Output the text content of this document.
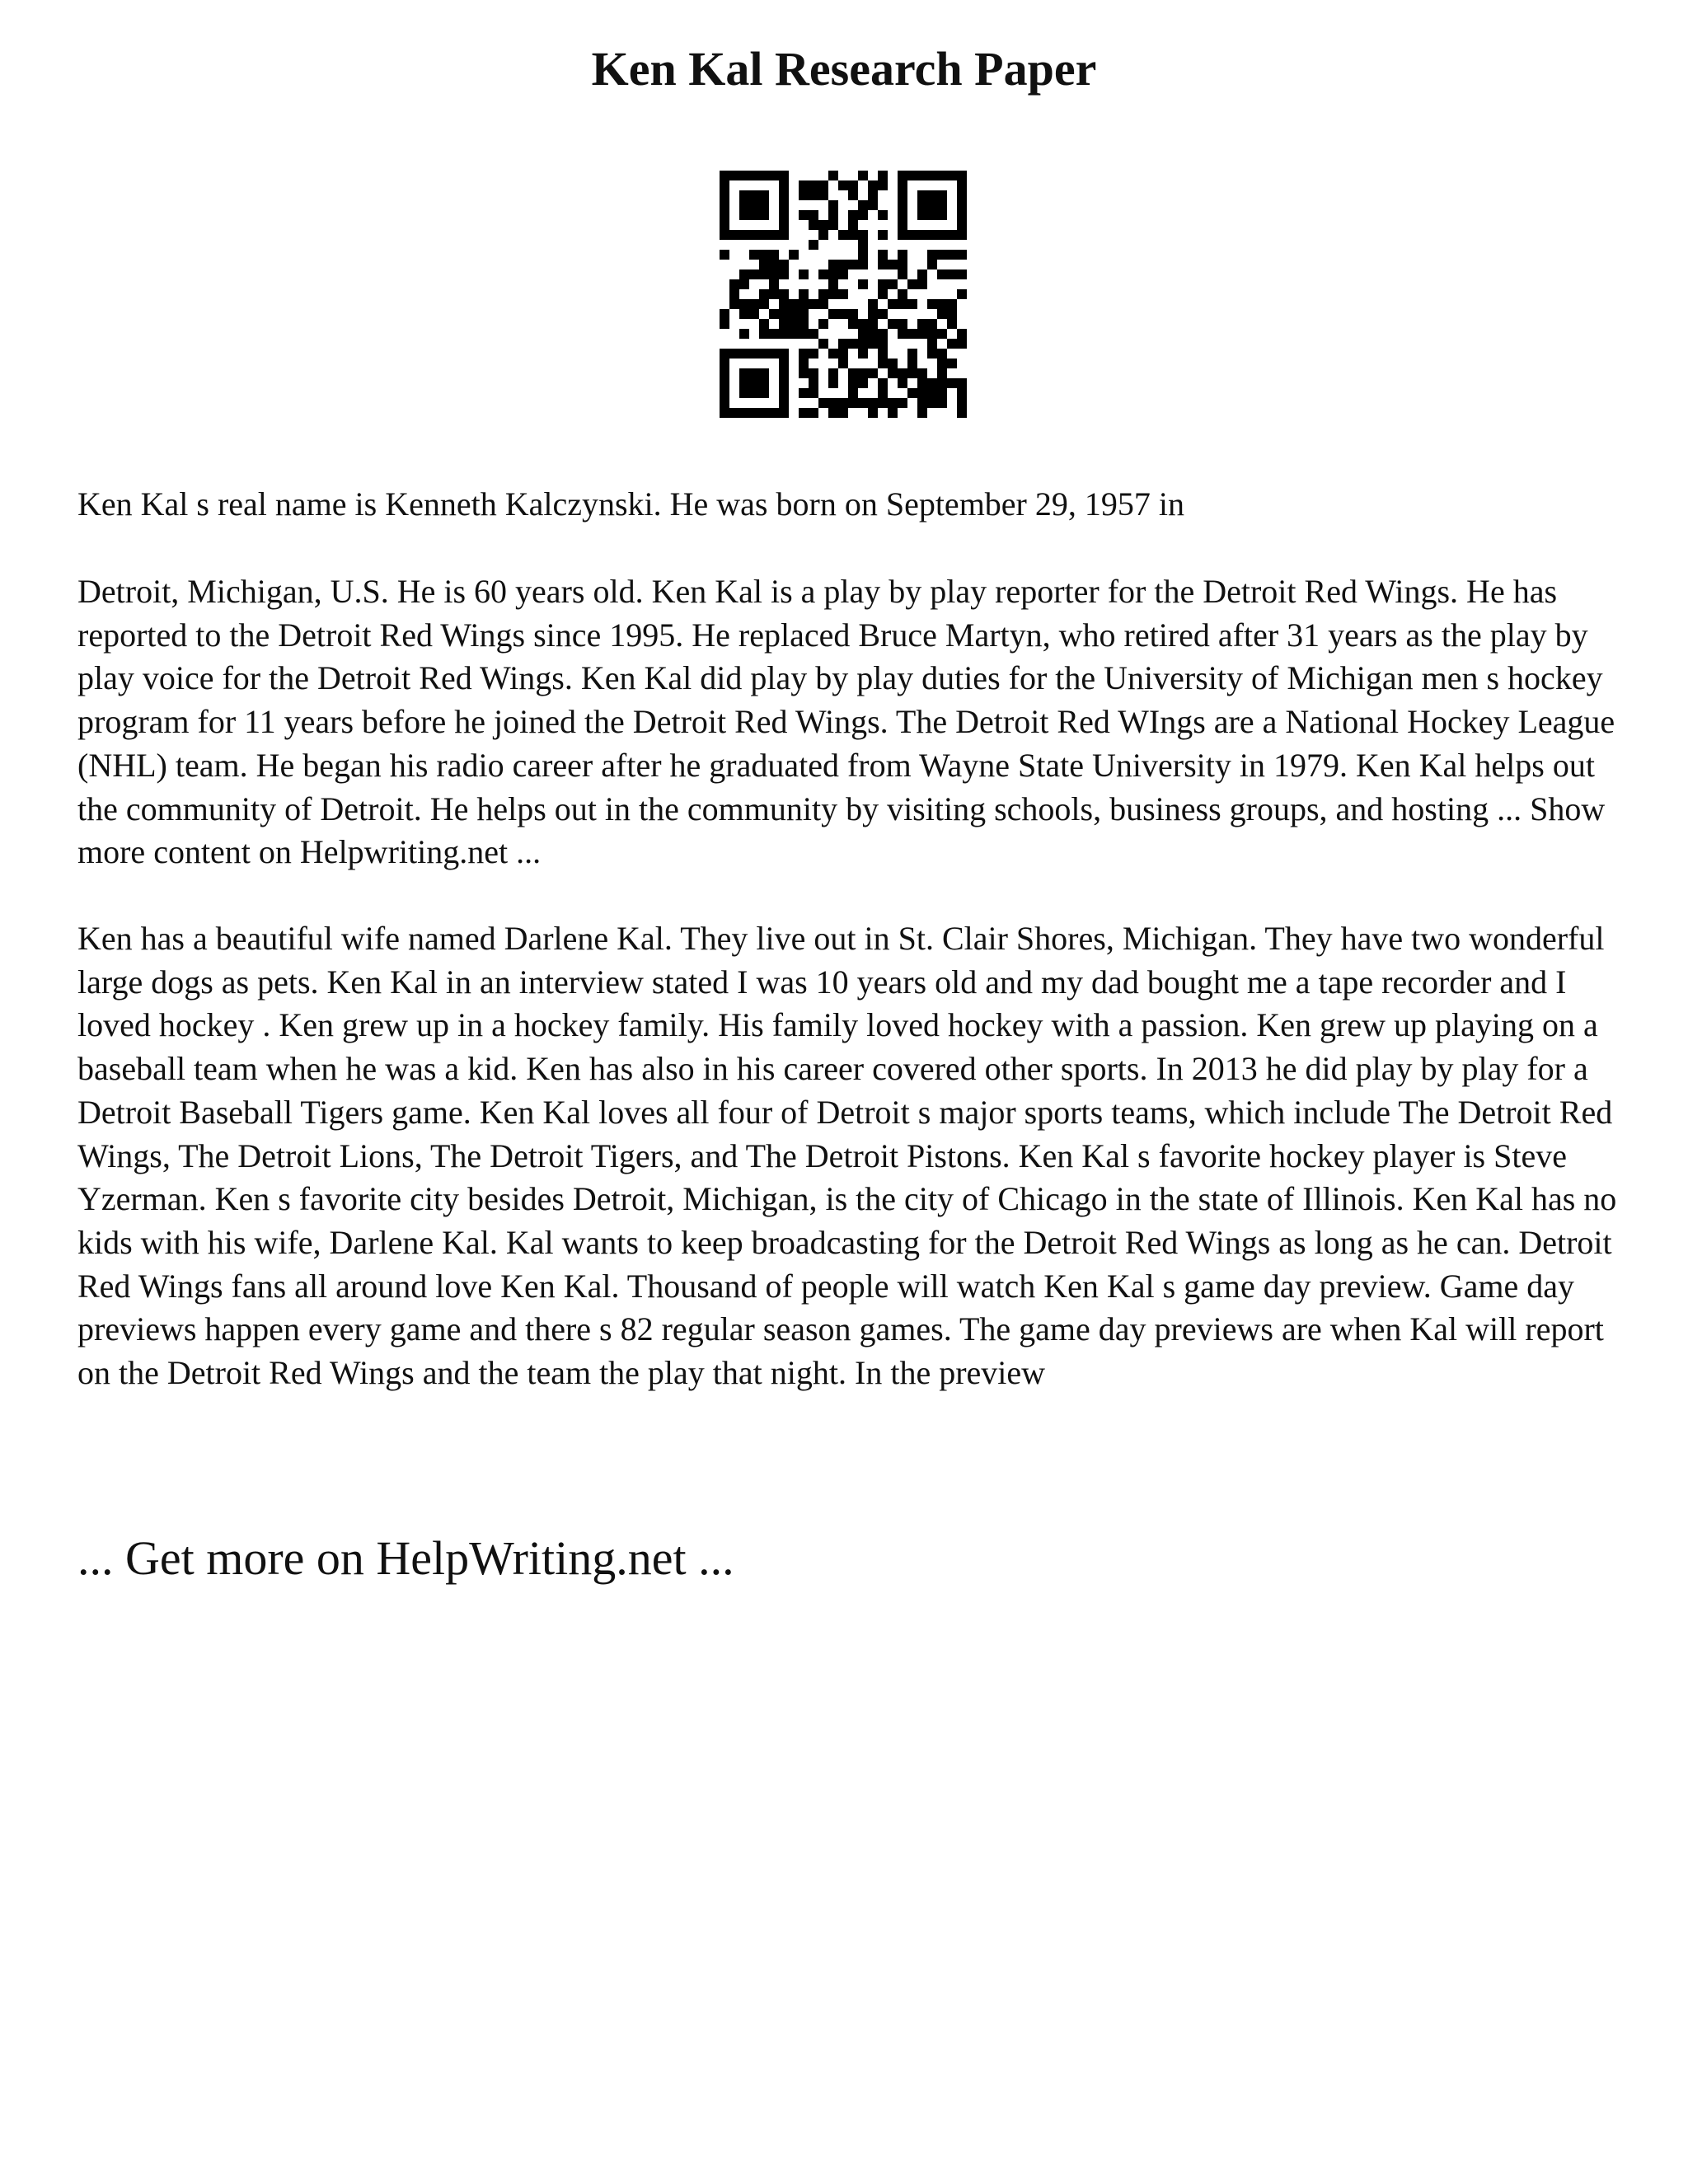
Ken Kal Research Paper

Ken Kal s real name is Kenneth Kalczynski. He was born on September 29, 1957 in

Detroit, Michigan, U.S. He is 60 years old. Ken Kal is a play by play reporter for the Detroit Red Wings. He has reported to the Detroit Red Wings since 1995. He replaced Bruce Martyn, who retired after 31 years as the play by play voice for the Detroit Red Wings. Ken Kal did play by play duties for the University of Michigan men s hockey program for 11 years before he joined the Detroit Red Wings. The Detroit Red WIngs are a National Hockey League (NHL) team. He began his radio career after he graduated from Wayne State University in 1979. Ken Kal helps out the community of Detroit. He helps out in the community by visiting schools, business groups, and hosting ... Show more content on Helpwriting.net ...

Ken has a beautiful wife named Darlene Kal. They live out in St. Clair Shores, Michigan. They have two wonderful large dogs as pets. Ken Kal in an interview stated I was 10 years old and my dad bought me a tape recorder and I loved hockey . Ken grew up in a hockey family. His family loved hockey with a passion. Ken grew up playing on a baseball team when he was a kid. Ken has also in his career covered other sports. In 2013 he did play by play for a Detroit Baseball Tigers game. Ken Kal loves all four of Detroit s major sports teams, which include The Detroit Red Wings, The Detroit Lions, The Detroit Tigers, and The Detroit Pistons. Ken Kal s favorite hockey player is Steve Yzerman. Ken s favorite city besides Detroit, Michigan, is the city of Chicago in the state of Illinois. Ken Kal has no kids with his wife, Darlene Kal. Kal wants to keep broadcasting for the Detroit Red Wings as long as he can. Detroit Red Wings fans all around love Ken Kal. Thousand of people will watch Ken Kal s game day preview. Game day previews happen every game and there s 82 regular season games. The game day previews are when Kal will report on the Detroit Red Wings and the team the play that night. In the preview

... Get more on HelpWriting.net ...
